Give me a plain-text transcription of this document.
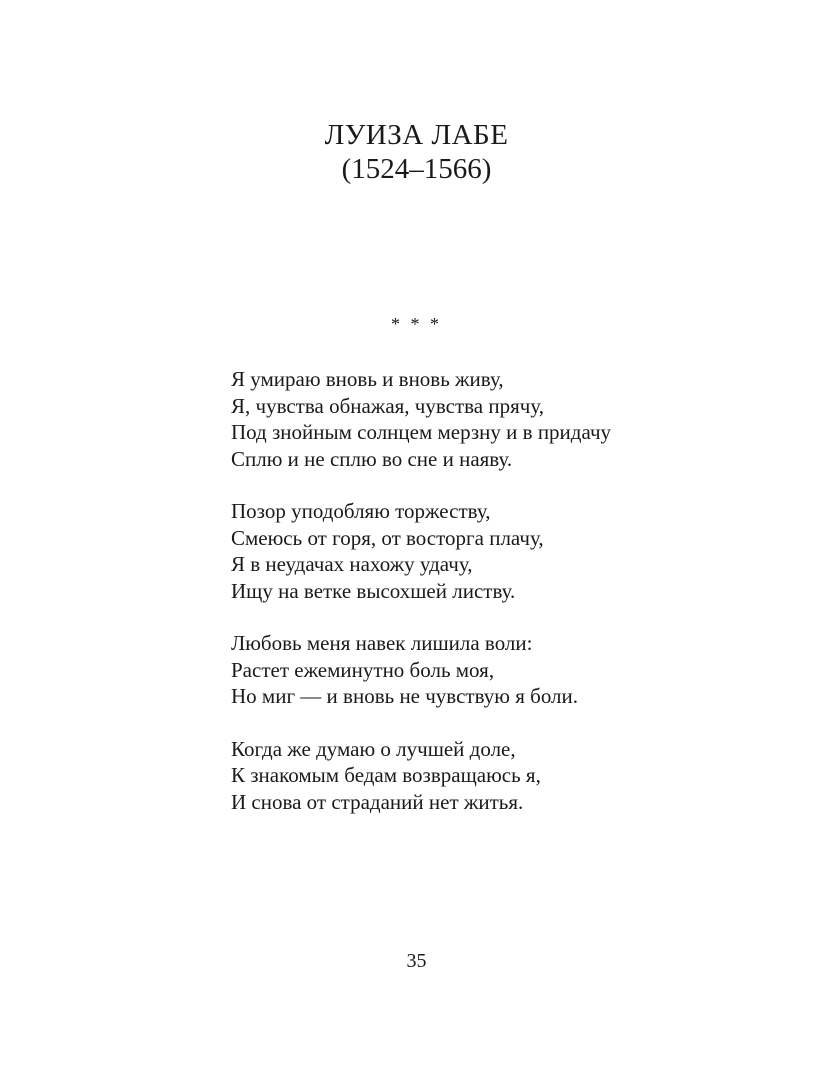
ЛУИЗА ЛАБЕ
(1524–1566)
* * *
Я умираю вновь и вновь живу,
Я, чувства обнажая, чувства прячу,
Под знойным солнцем мерзну и в придачу
Сплю и не сплю во сне и наяву.
Позор уподобляю торжеству,
Смеюсь от горя, от восторга плачу,
Я в неудачах нахожу удачу,
Ищу на ветке высохшей листву.
Любовь меня навек лишила воли:
Растет ежеминутно боль моя,
Но миг — и вновь не чувствую я боли.
Когда же думаю о лучшей доле,
К знакомым бедам возвращаюсь я,
И снова от страданий нет житья.
35
